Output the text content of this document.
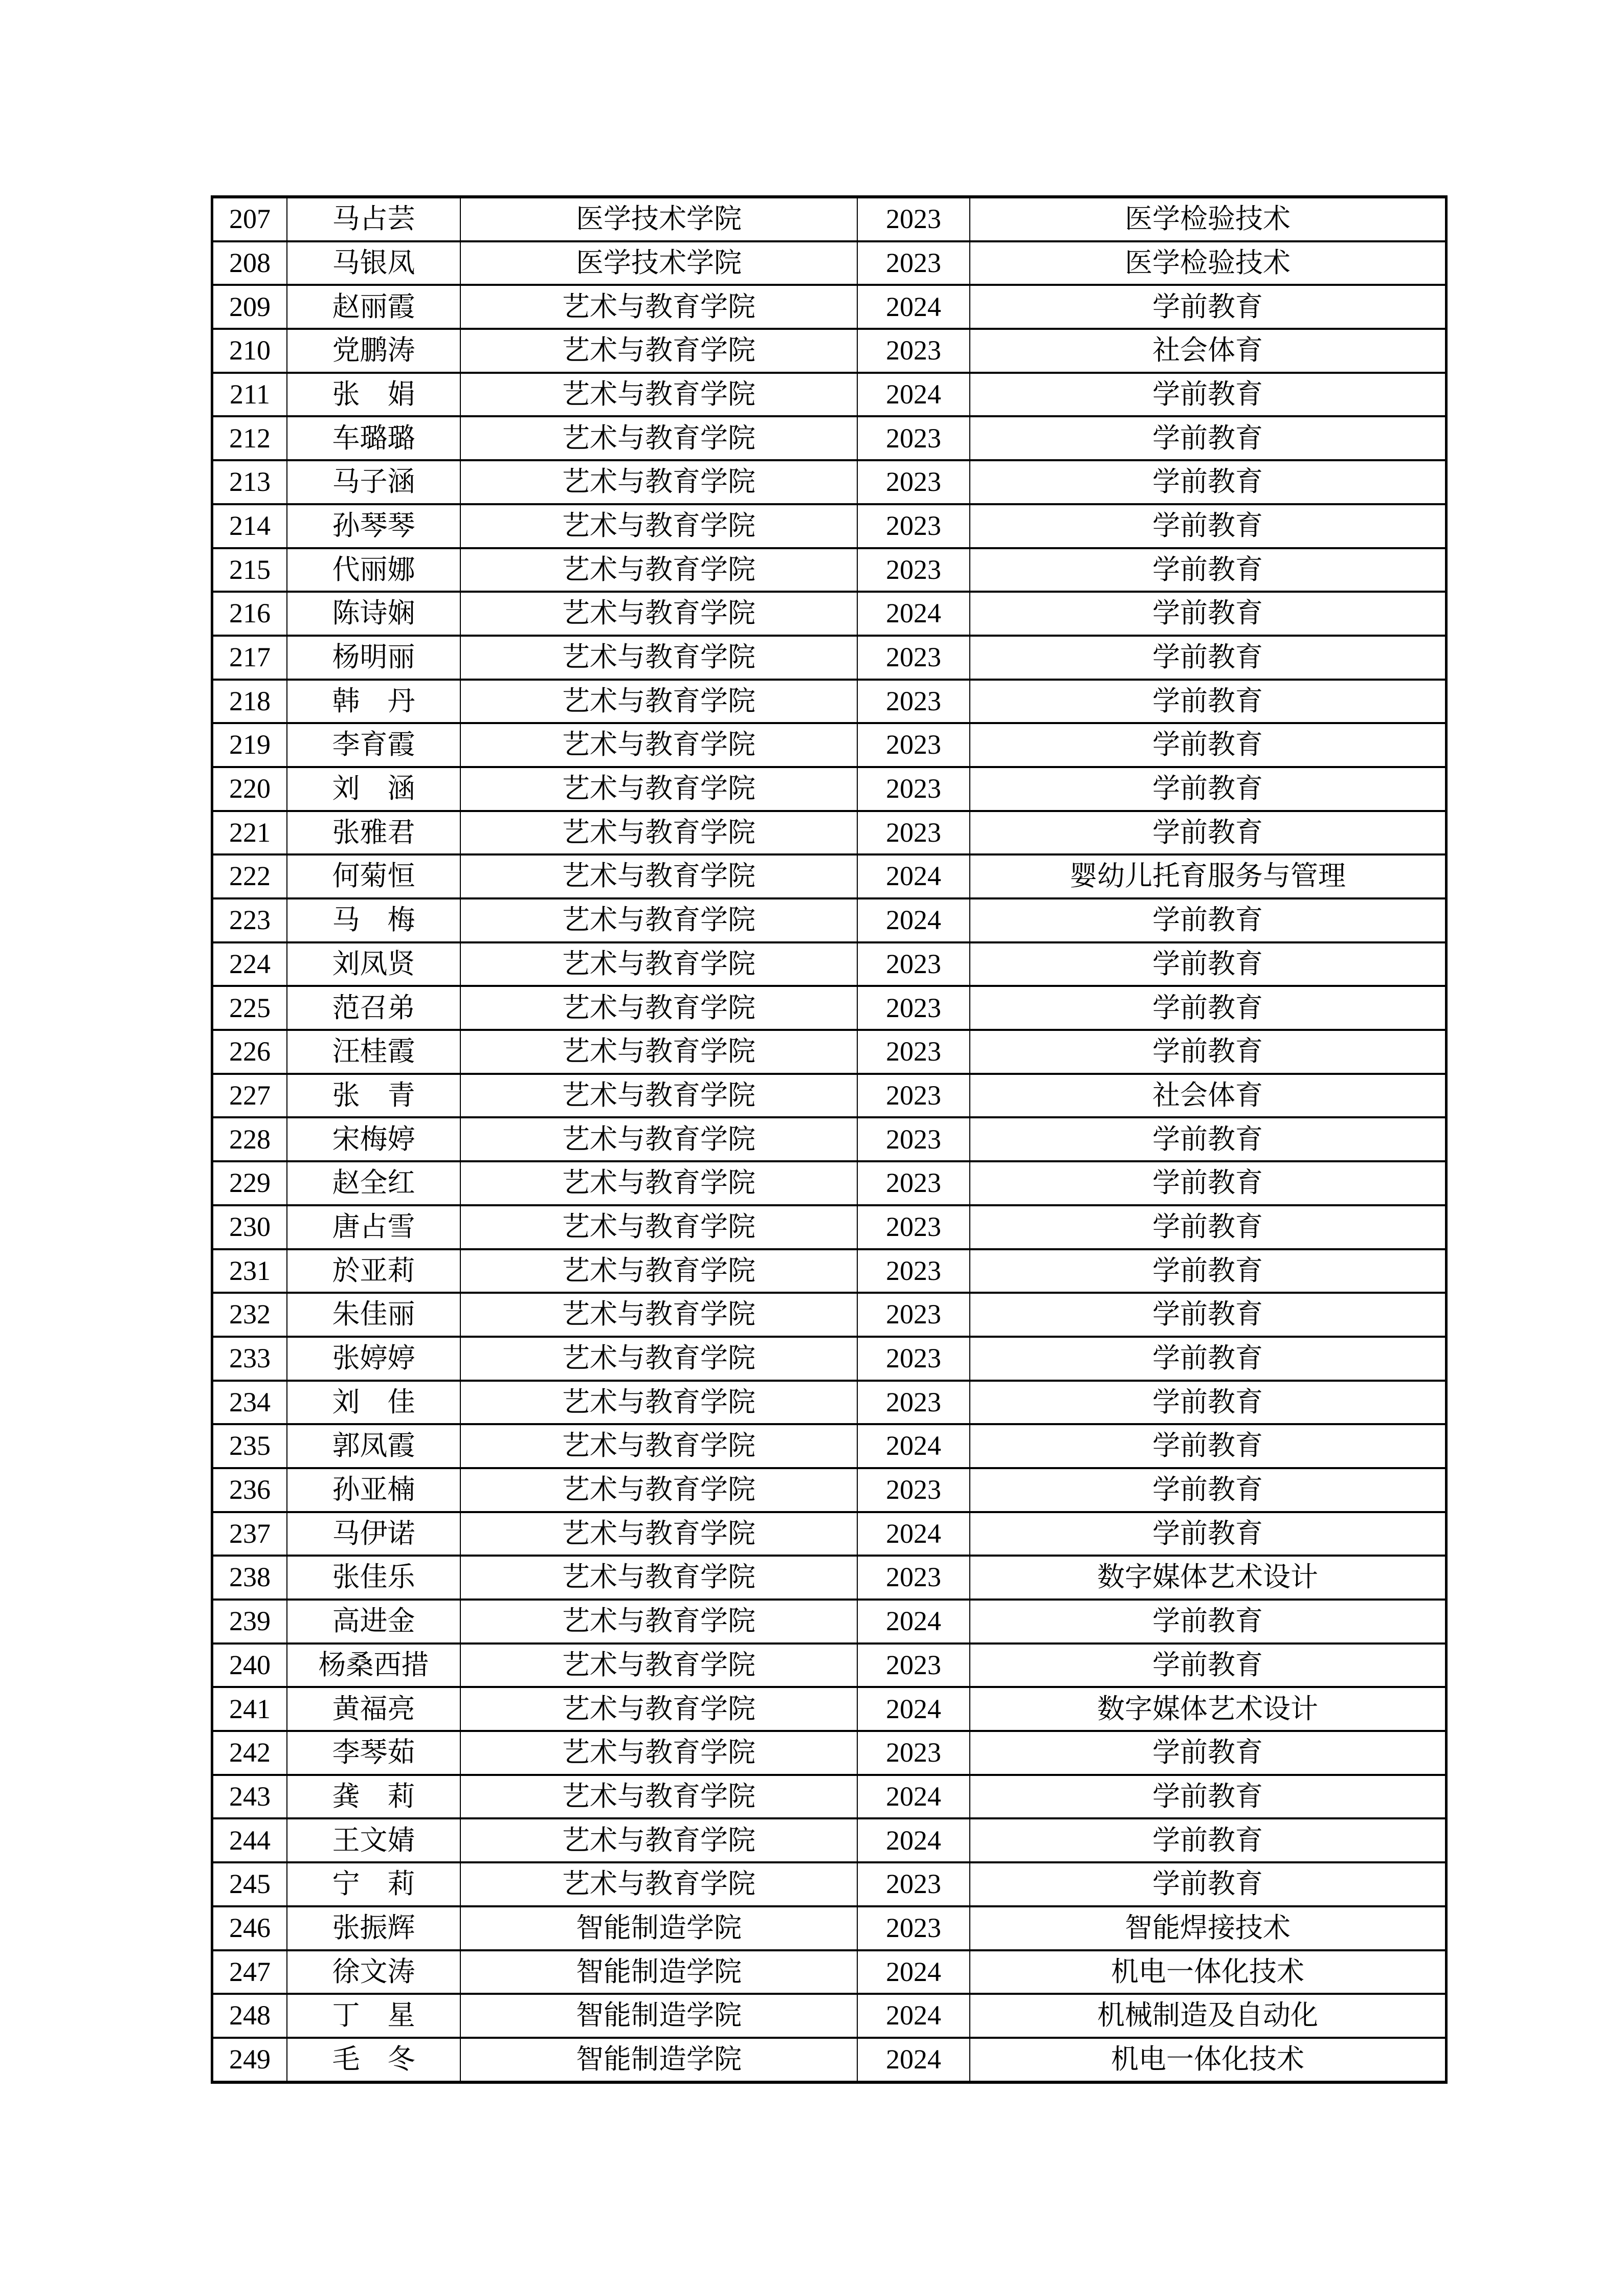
207	马占芸	医学技术学院	2023	医学检验技术
208	马银凤	医学技术学院	2023	医学检验技术
209	赵丽霞	艺术与教育学院	2024	学前教育
210	党鹏涛	艺术与教育学院	2023	社会体育
211	张娟	艺术与教育学院	2024	学前教育
212	车璐璐	艺术与教育学院	2023	学前教育
213	马子涵	艺术与教育学院	2023	学前教育
214	孙琴琴	艺术与教育学院	2023	学前教育
215	代丽娜	艺术与教育学院	2023	学前教育
216	陈诗娴	艺术与教育学院	2024	学前教育
217	杨明丽	艺术与教育学院	2023	学前教育
218	韩丹	艺术与教育学院	2023	学前教育
219	李育霞	艺术与教育学院	2023	学前教育
220	刘涵	艺术与教育学院	2023	学前教育
221	张雅君	艺术与教育学院	2023	学前教育
222	何菊恒	艺术与教育学院	2024	婴幼儿托育服务与管理
223	马梅	艺术与教育学院	2024	学前教育
224	刘凤贤	艺术与教育学院	2023	学前教育
225	范召弟	艺术与教育学院	2023	学前教育
226	汪桂霞	艺术与教育学院	2023	学前教育
227	张青	艺术与教育学院	2023	社会体育
228	宋梅婷	艺术与教育学院	2023	学前教育
229	赵全红	艺术与教育学院	2023	学前教育
230	唐占雪	艺术与教育学院	2023	学前教育
231	於亚莉	艺术与教育学院	2023	学前教育
232	朱佳丽	艺术与教育学院	2023	学前教育
233	张婷婷	艺术与教育学院	2023	学前教育
234	刘佳	艺术与教育学院	2023	学前教育
235	郭凤霞	艺术与教育学院	2024	学前教育
236	孙亚楠	艺术与教育学院	2023	学前教育
237	马伊诺	艺术与教育学院	2024	学前教育
238	张佳乐	艺术与教育学院	2023	数字媒体艺术设计
239	高进金	艺术与教育学院	2024	学前教育
240	杨桑西措	艺术与教育学院	2023	学前教育
241	黄福亮	艺术与教育学院	2024	数字媒体艺术设计
242	李琴茹	艺术与教育学院	2023	学前教育
243	龚莉	艺术与教育学院	2024	学前教育
244	王文婧	艺术与教育学院	2024	学前教育
245	宁莉	艺术与教育学院	2023	学前教育
246	张振辉	智能制造学院	2023	智能焊接技术
247	徐文涛	智能制造学院	2024	机电一体化技术
248	丁星	智能制造学院	2024	机械制造及自动化
249	毛冬	智能制造学院	2024	机电一体化技术
